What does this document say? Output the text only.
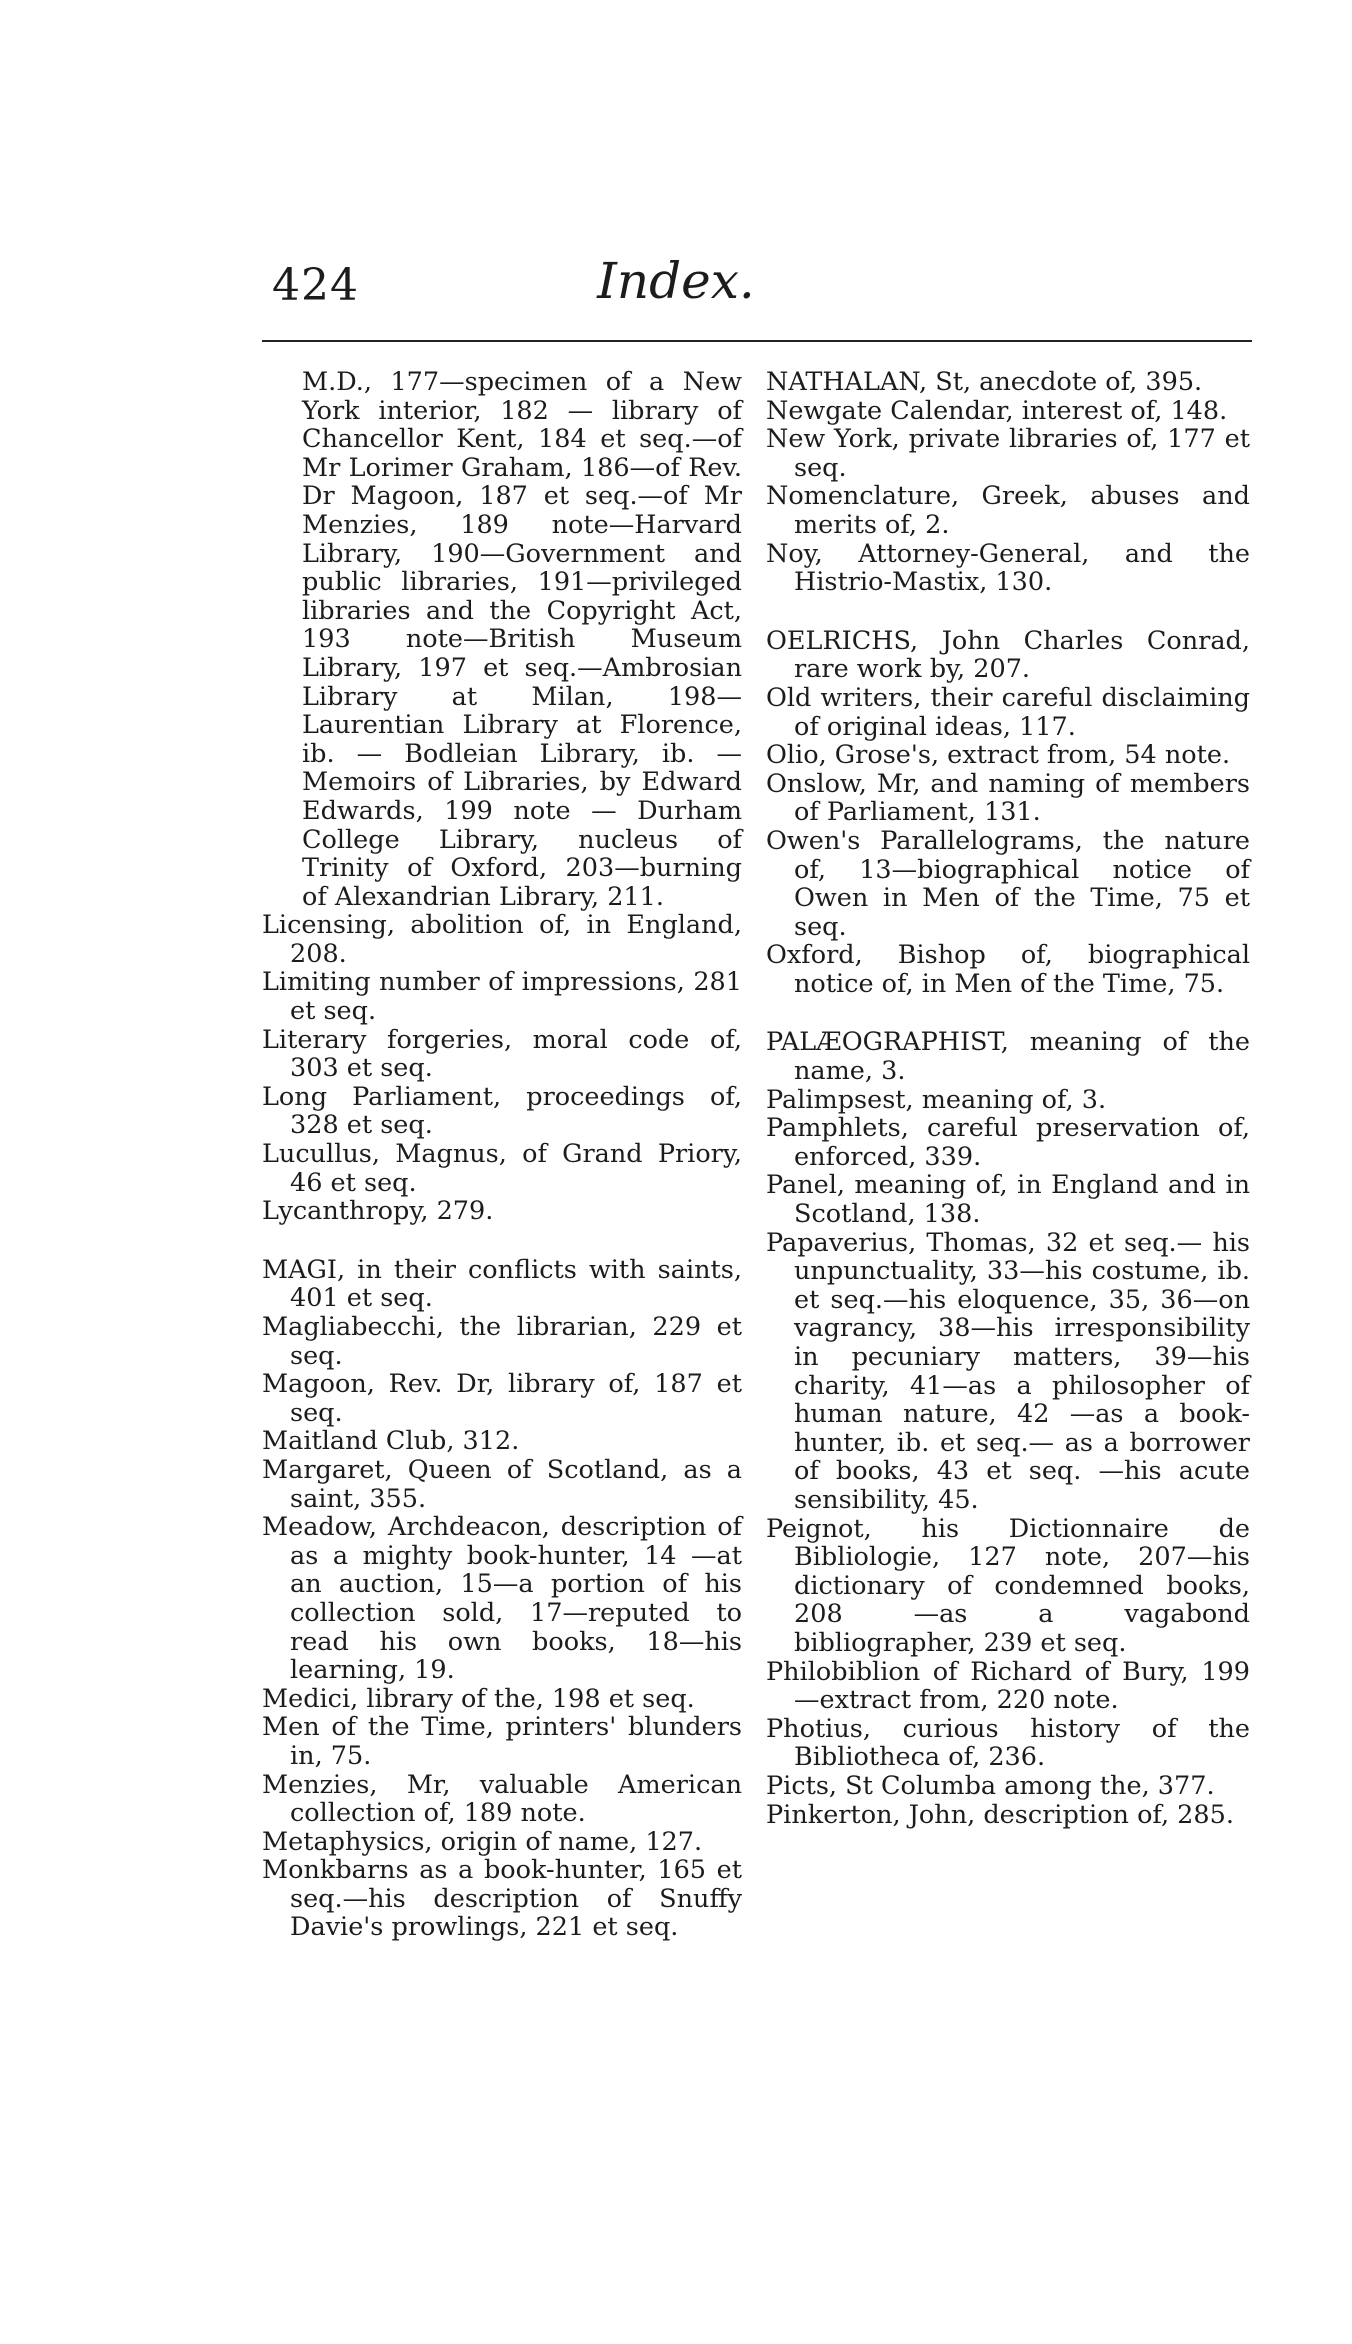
424	Index.

M.D., 177—specimen of a New York interior, 182 — library of Chancellor Kent, 184 et seq.—of Mr Lorimer Graham, 186—of Rev. Dr Magoon, 187 et seq.—of Mr Menzies, 189 note—Harvard Library, 190—Government and public libraries, 191—privileged libraries and the Copyright Act, 193 note—British Museum Library, 197 et seq.—Ambrosian Library at Milan, 198—Laurentian Library at Florence, ib. — Bodleian Library, ib. — Memoirs of Libraries, by Edward Edwards, 199 note — Durham College Library, nucleus of Trinity of Oxford, 203—burning of Alexandrian Library, 211.

Licensing, abolition of, in England, 208.

Limiting number of impressions, 281 et seq.

Literary forgeries, moral code of, 303 et seq.

Long Parliament, proceedings of, 328 et seq.

Lucullus, Magnus, of Grand Priory, 46 et seq.

Lycanthropy, 279.

MAGI, in their conflicts with saints, 401 et seq.

Magliabecchi, the librarian, 229 et seq.

Magoon, Rev. Dr, library of, 187 et seq.

Maitland Club, 312.

Margaret, Queen of Scotland, as a saint, 355.

Meadow, Archdeacon, description of as a mighty book-hunter, 14 —at an auction, 15—a portion of his collection sold, 17—reputed to read his own books, 18—his learning, 19.

Medici, library of the, 198 et seq.

Men of the Time, printers' blunders in, 75.

Menzies, Mr, valuable American collection of, 189 note.

Metaphysics, origin of name, 127.

Monkbarns as a book-hunter, 165 et seq.—his description of Snuffy Davie's prowlings, 221 et seq.

NATHALAN, St, anecdote of, 395.

Newgate Calendar, interest of, 148.

New York, private libraries of, 177 et seq.

Nomenclature, Greek, abuses and merits of, 2.

Noy, Attorney-General, and the Histrio-Mastix, 130.

OELRICHS, John Charles Conrad, rare work by, 207.

Old writers, their careful disclaiming of original ideas, 117.

Olio, Grose's, extract from, 54 note.

Onslow, Mr, and naming of members of Parliament, 131.

Owen's Parallelograms, the nature of, 13—biographical notice of Owen in Men of the Time, 75 et seq.

Oxford, Bishop of, biographical notice of, in Men of the Time, 75.

PALÆOGRAPHIST, meaning of the name, 3.

Palimpsest, meaning of, 3.

Pamphlets, careful preservation of, enforced, 339.

Panel, meaning of, in England and in Scotland, 138.

Papaverius, Thomas, 32 et seq.— his unpunctuality, 33—his costume, ib. et seq.—his eloquence, 35, 36—on vagrancy, 38—his irresponsibility in pecuniary matters, 39—his charity, 41—as a philosopher of human nature, 42 —as a book-hunter, ib. et seq.— as a borrower of books, 43 et seq. —his acute sensibility, 45.

Peignot, his Dictionnaire de Bibliologie, 127 note, 207—his dictionary of condemned books, 208 —as a vagabond bibliographer, 239 et seq.

Philobiblion of Richard of Bury, 199 —extract from, 220 note.

Photius, curious history of the Bibliotheca of, 236.

Picts, St Columba among the, 377.

Pinkerton, John, description of, 285.
